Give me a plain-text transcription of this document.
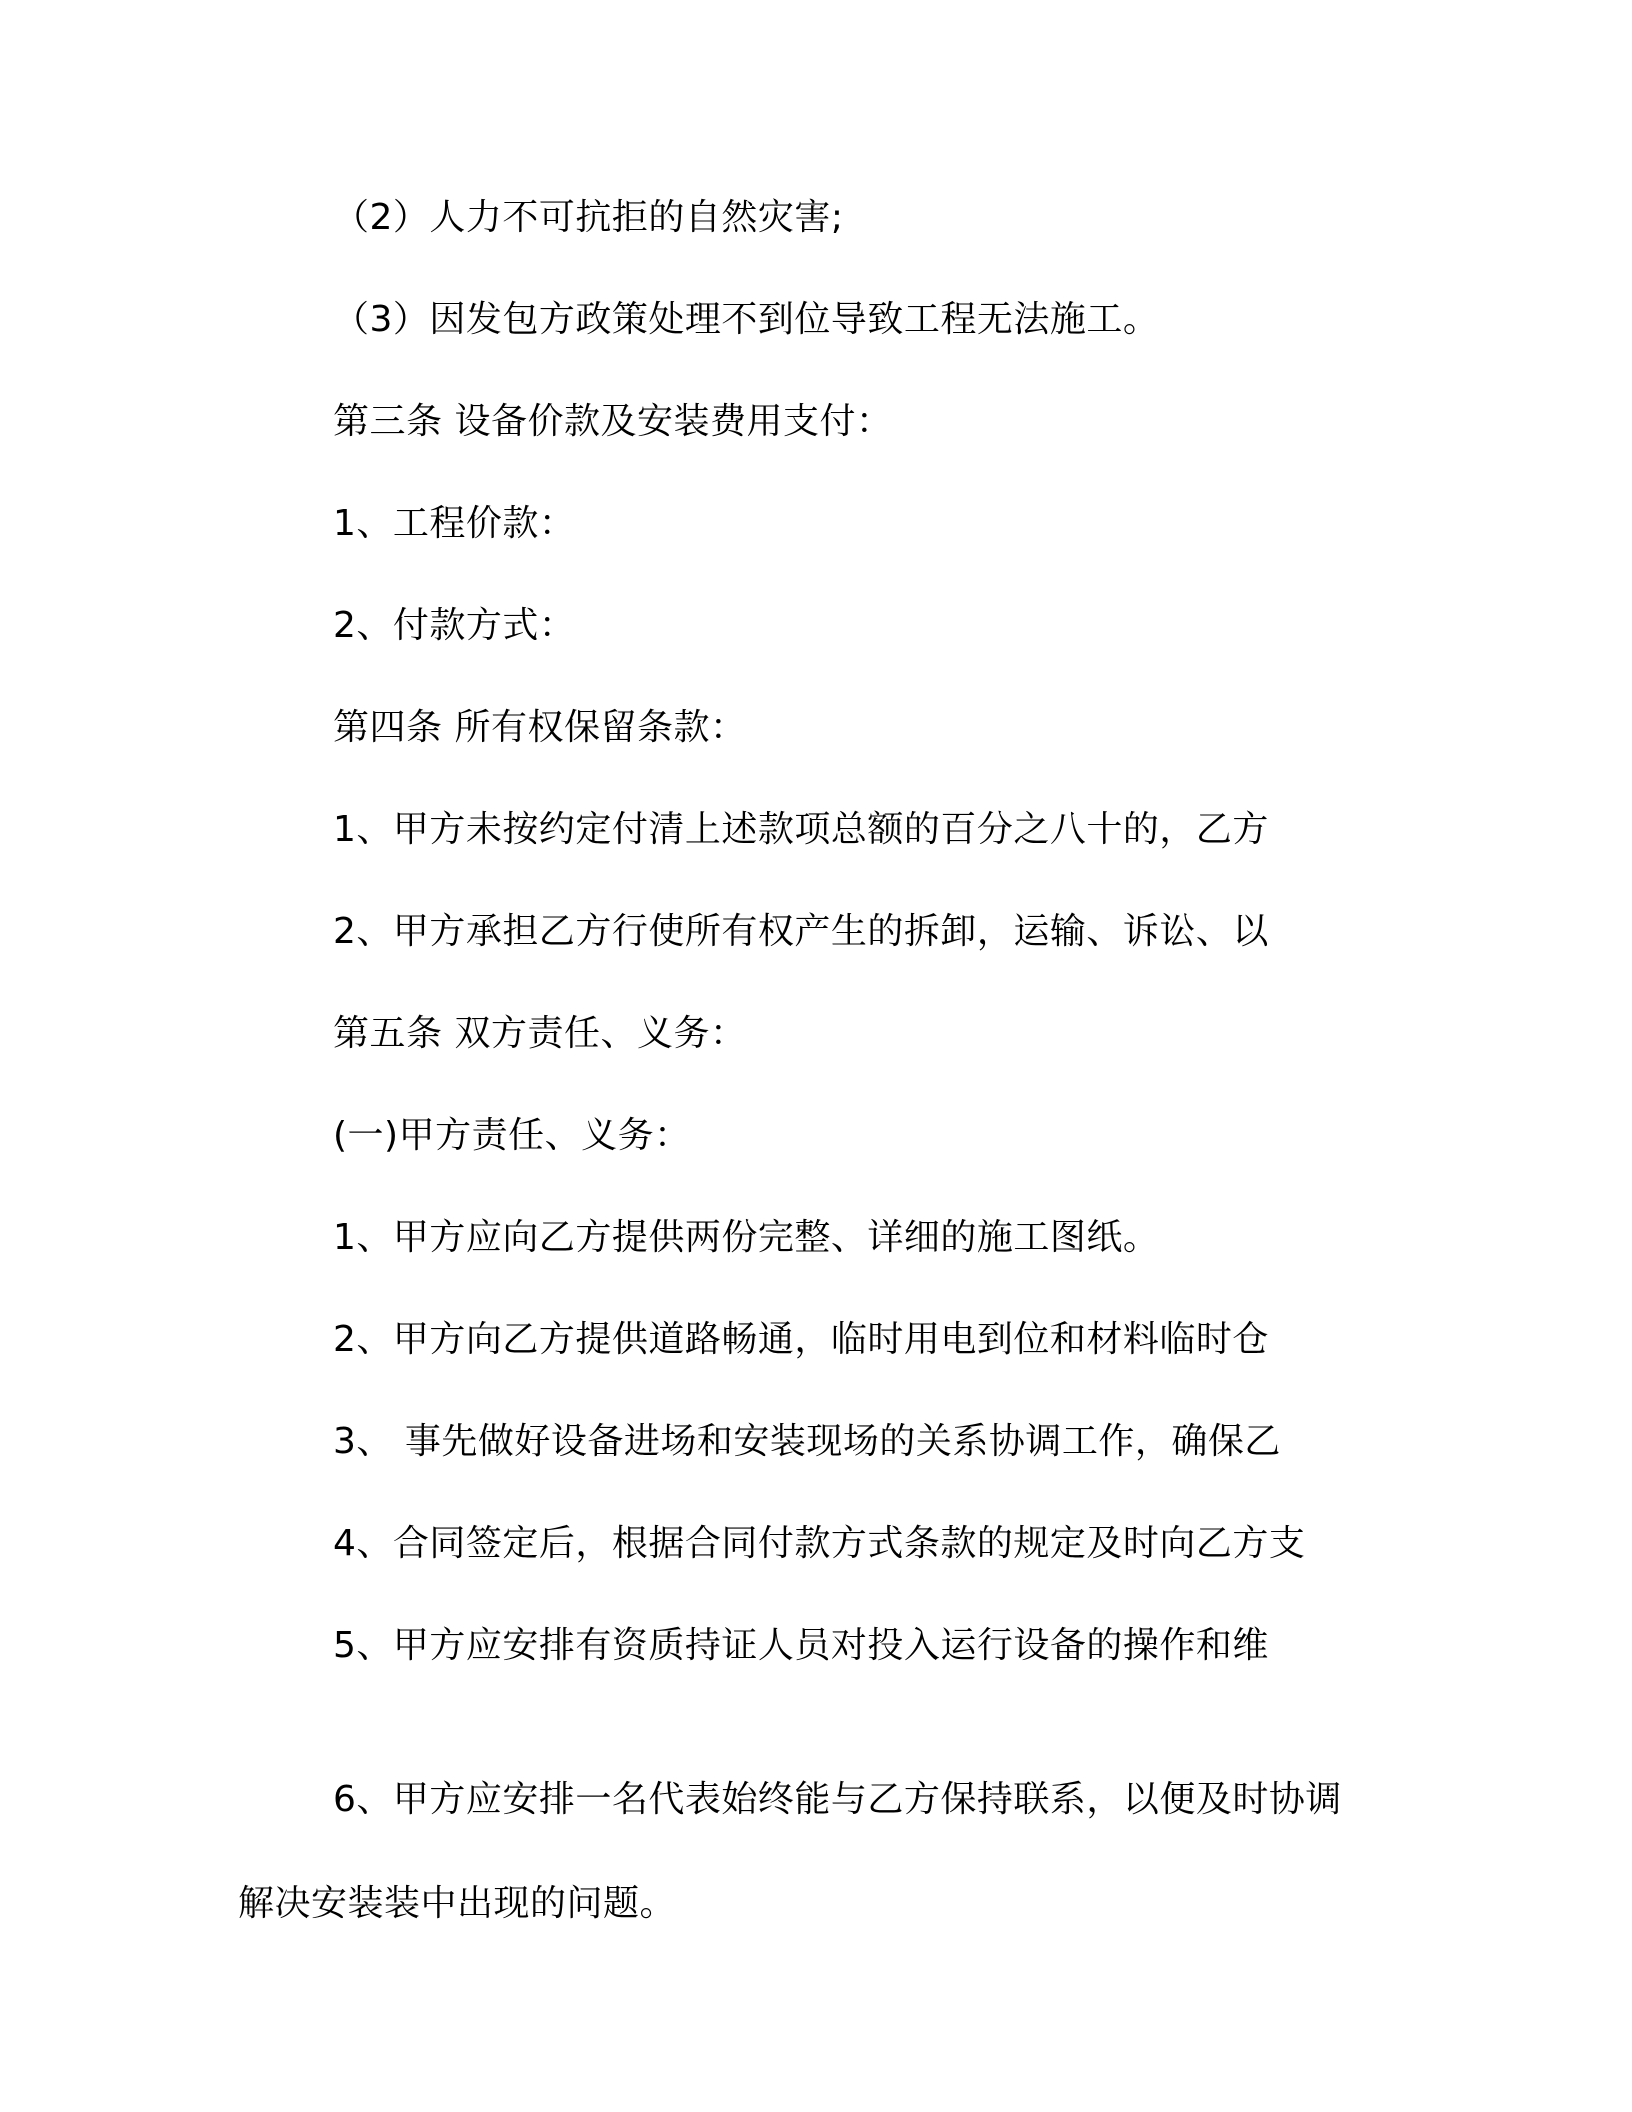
（2）人力不可抗拒的自然灾害;
（3）因发包方政策处理不到位导致工程无法施工。
第三条 设备价款及安装费用支付：
1、工程价款：
2、付款方式：
第四条 所有权保留条款：
1、甲方未按约定付清上述款项总额的百分之八十的，乙方
2、甲方承担乙方行使所有权产生的拆卸，运输、诉讼、以
第五条 双方责任、义务：
(一)甲方责任、义务：
1、甲方应向乙方提供两份完整、详细的施工图纸。
2、甲方向乙方提供道路畅通，临时用电到位和材料临时仓
3、 事先做好设备进场和安装现场的关系协调工作，确保乙
4、合同签定后，根据合同付款方式条款的规定及时向乙方支
5、甲方应安排有资质持证人员对投入运行设备的操作和维
6、甲方应安排一名代表始终能与乙方保持联系，以便及时协调解决安装装中出现的问题。
